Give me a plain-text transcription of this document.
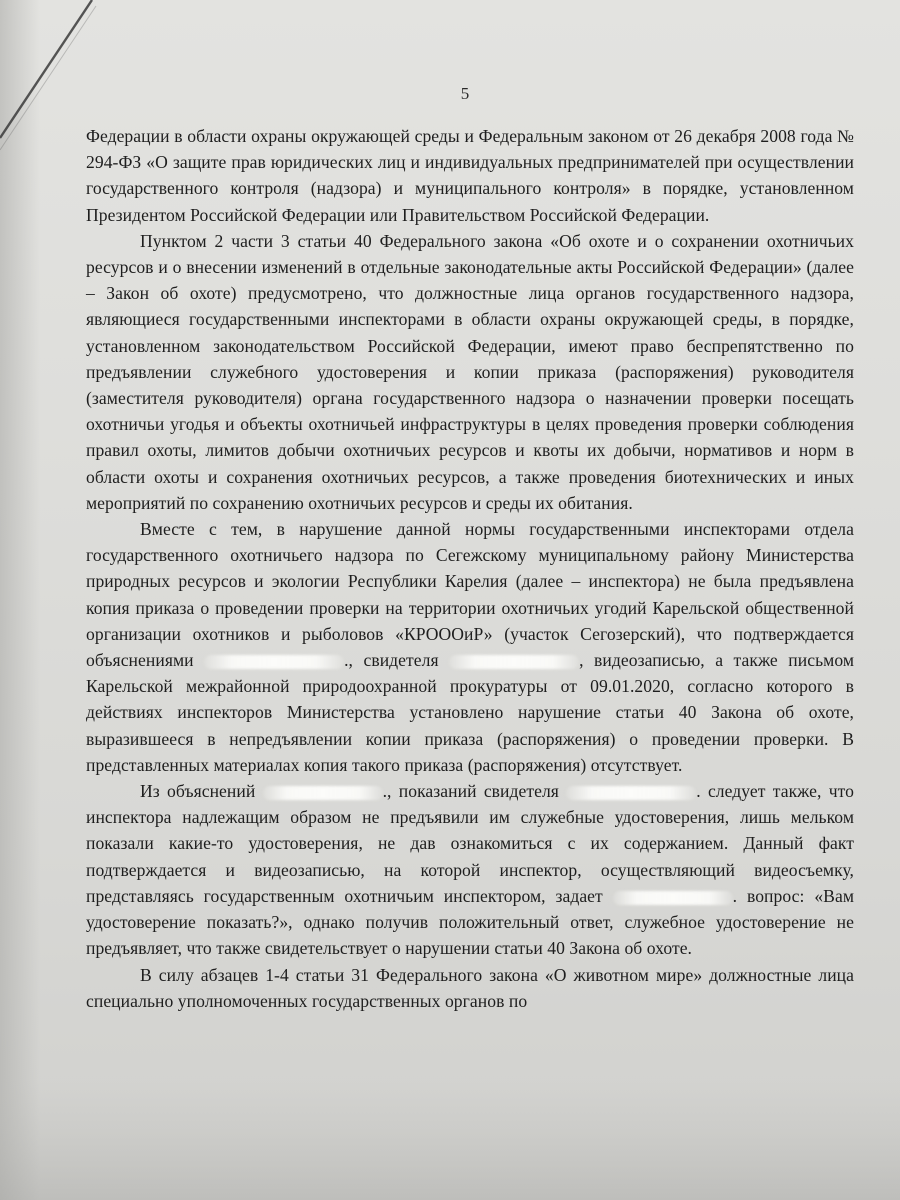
5

Федерации в области охраны окружающей среды и Федеральным законом от 26 декабря 2008 года № 294-ФЗ «О защите прав юридических лиц и индивидуальных предпринимателей при осуществлении государственного контроля (надзора) и муниципального контроля» в порядке, установленном Президентом Российской Федерации или Правительством Российской Федерации.

Пунктом 2 части 3 статьи 40 Федерального закона «Об охоте и о сохранении охотничьих ресурсов и о внесении изменений в отдельные законодательные акты Российской Федерации» (далее – Закон об охоте) предусмотрено, что должностные лица органов государственного надзора, являющиеся государственными инспекторами в области охраны окружающей среды, в порядке, установленном законодательством Российской Федерации, имеют право беспрепятственно по предъявлении служебного удостоверения и копии приказа (распоряжения) руководителя (заместителя руководителя) органа государственного надзора о назначении проверки посещать охотничьи угодья и объекты охотничьей инфраструктуры в целях проведения проверки соблюдения правил охоты, лимитов добычи охотничьих ресурсов и квоты их добычи, нормативов и норм в области охоты и сохранения охотничьих ресурсов, а также проведения биотехнических и иных мероприятий по сохранению охотничьих ресурсов и среды их обитания.

Вместе с тем, в нарушение данной нормы государственными инспекторами отдела государственного охотничьего надзора по Сегежскому муниципальному району Министерства природных ресурсов и экологии Республики Карелия (далее – инспектора) не была предъявлена копия приказа о проведении проверки на территории охотничьих угодий Карельской общественной организации охотников и рыболовов «КРОООиР» (участок Сегозерский), что подтверждается объяснениями	., свидетеля	, видеозаписью, а также письмом Карельской межрайонной природоохранной прокуратуры от 09.01.2020, согласно которого в действиях инспекторов Министерства установлено нарушение статьи 40 Закона об охоте, выразившееся в непредъявлении копии приказа (распоряжения) о проведении проверки. В представленных материалах копия такого приказа (распоряжения) отсутствует.

Из объяснений	., показаний свидетеля	. следует также, что инспектора надлежащим образом не предъявили им служебные удостоверения, лишь мельком показали какие-то удостоверения, не дав ознакомиться с их содержанием. Данный факт подтверждается и видеозаписью, на которой инспектор, осуществляющий видеосъемку, представляясь государственным охотничьим инспектором, задает	. вопрос: «Вам удостоверение показать?», однако получив положительный ответ, служебное удостоверение не предъявляет, что также свидетельствует о нарушении статьи 40 Закона об охоте.

В силу абзацев 1-4 статьи 31 Федерального закона «О животном мире» должностные лица специально уполномоченных государственных органов по
